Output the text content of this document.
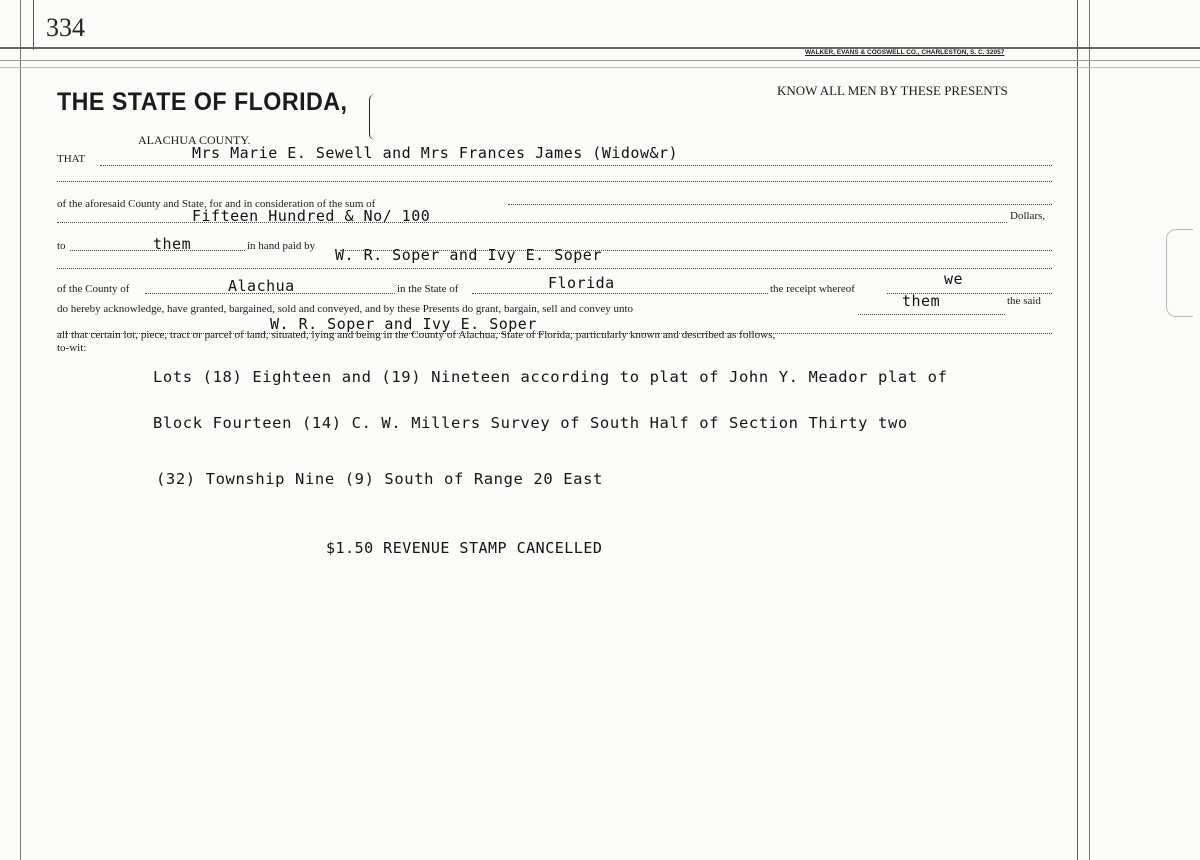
334
WALKER, EVANS & COGSWELL CO., CHARLESTON, S. C. 32057
THE STATE OF FLORIDA,	KNOW ALL MEN BY THESE PRESENTS
ALACHUA COUNTY.
THAT	Mrs Marie E. Sewell and Mrs Frances James (Widow&r)
of the aforesaid County and State, for and in consideration of the sum of
Fifteen Hundred & No/ 100	Dollars,
to	them	in hand paid by W. R. Soper and Ivy E. Soper
of the County of	Alachua	in the State of	Florida	the receipt whereof
we
do hereby acknowledge, have granted, bargained, sold and conveyed, and by these Presents do grant, bargain, sell and convey unto	them	the said
W. R. Soper and Ivy E. Soper
all that certain lot, piece, tract or parcel of land, situated, lying and being in the County of Alachua, State of Florida, particularly known and described as follows,
to-wit:
Lots (18) Eighteen and (19) Nineteen according to plat of John Y. Meador plat of
Block Fourteen (14) C. W. Millers Survey of South Half of Section Thirty two
(32) Township Nine (9) South of Range 20 East
$1.50 REVENUE STAMP CANCELLED
